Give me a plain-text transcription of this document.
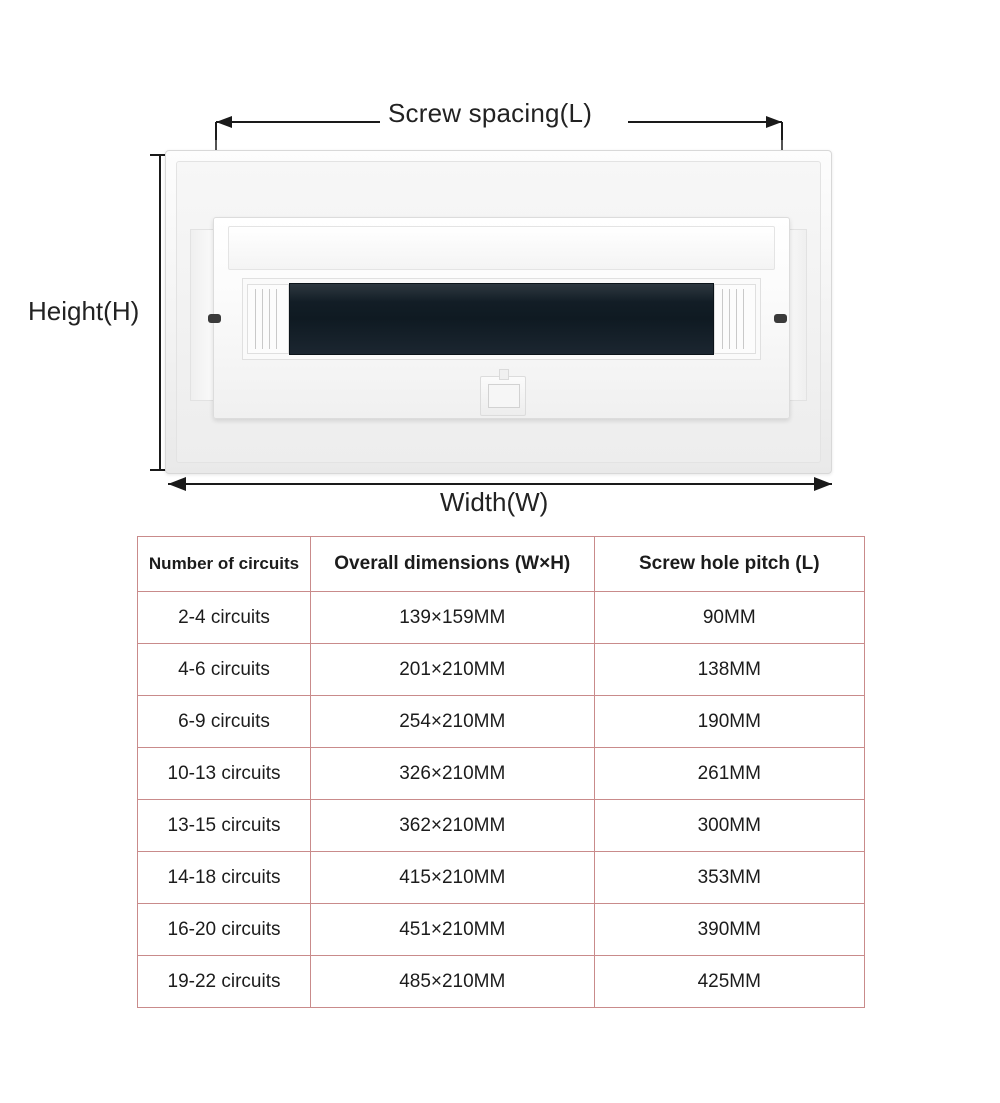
Screw spacing(L)
Height(H)
Width(W)
Number of circuits	Overall dimensions (W×H)	Screw hole pitch (L)
2-4 circuits	139×159MM	90MM
4-6 circuits	201×210MM	138MM
6-9 circuits	254×210MM	190MM
10-13 circuits	326×210MM	261MM
13-15 circuits	362×210MM	300MM
14-18 circuits	415×210MM	353MM
16-20 circuits	451×210MM	390MM
19-22 circuits	485×210MM	425MM
